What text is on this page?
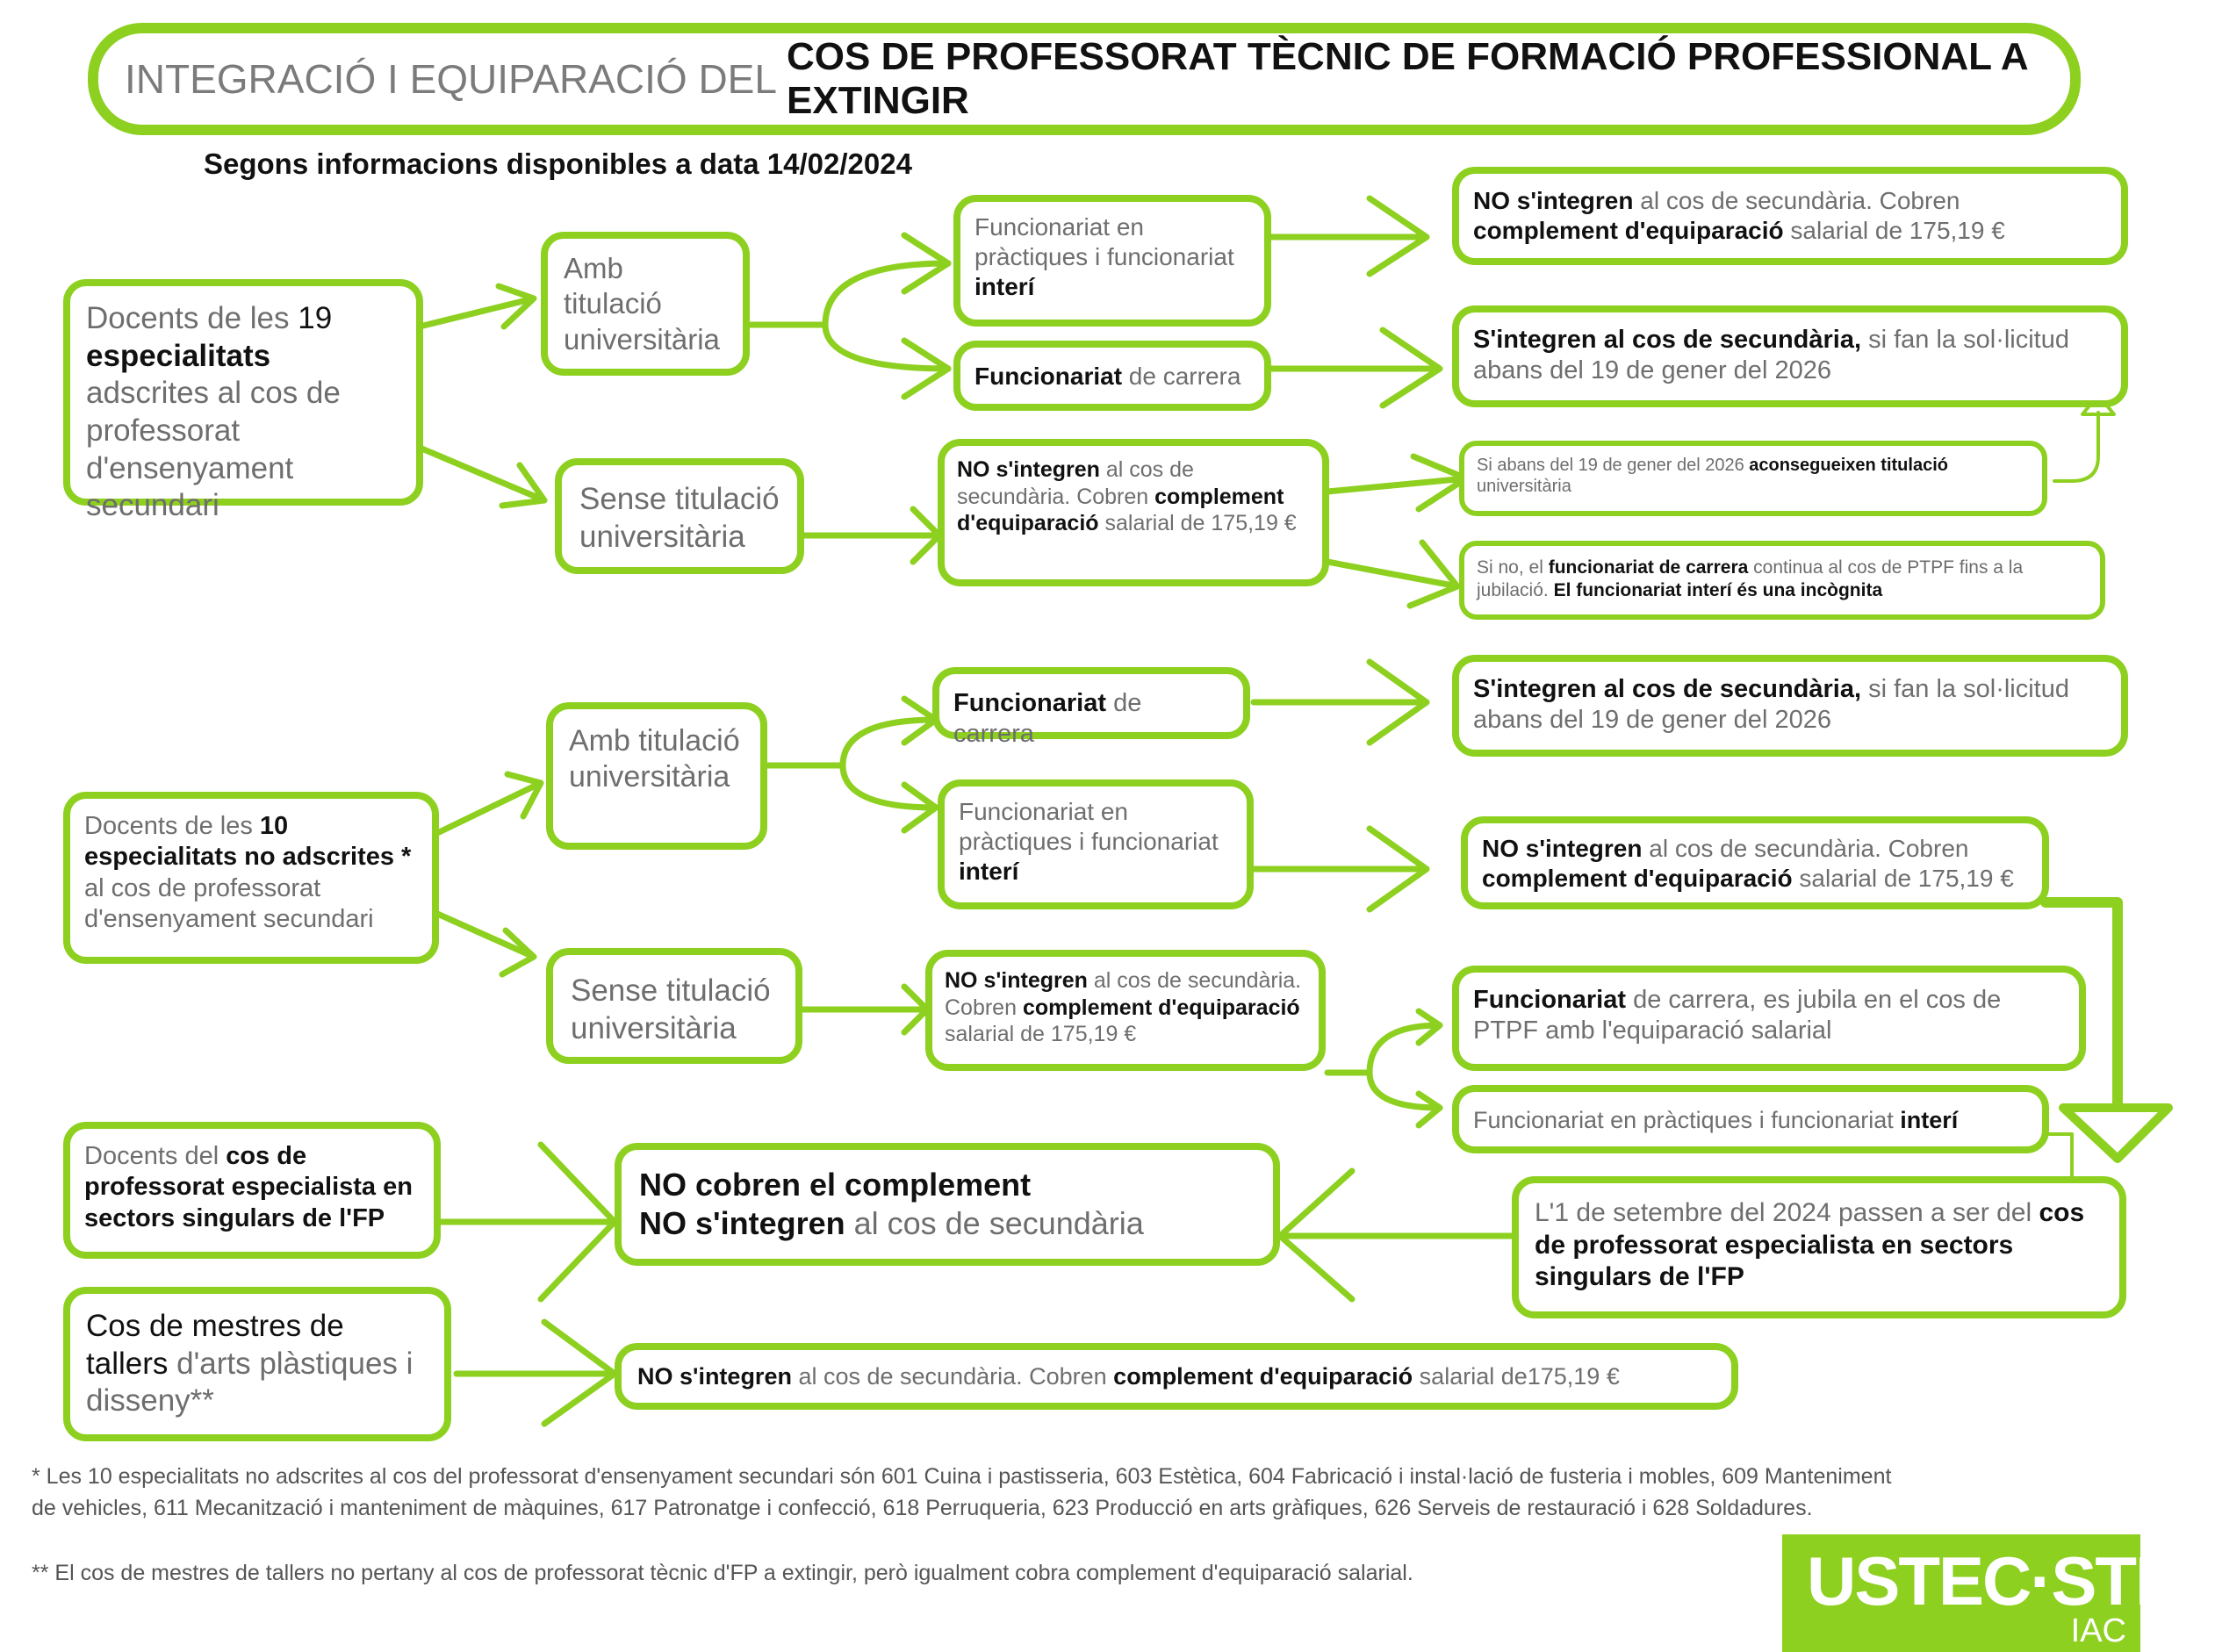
INTEGRACIÓ I EQUIPARACIÓ DEL COS DE PROFESSORAT TÈCNIC DE FORMACIÓ PROFESSIONAL A EXTINGIR
Segons informacions disponibles a data 14/02/2024
Docents de les 19 especialitats adscrites al cos de professorat d'ensenyament secundari
Amb titulació universitària
Sense titulació universitària
Funcionariat en pràctiques i funcionariat interí
Funcionariat de carrera
NO s'integren al cos de secundària. Cobren complement d'equiparació salarial de 175,19 €
S'integren al cos de secundària, si fan la sol·licitud abans del 19 de gener del 2026
NO s'integren al cos de secundària. Cobren complement d'equiparació salarial de 175,19 €
Si abans del 19 de gener del 2026 aconsegueixen titulació universitària
Si no, el funcionariat de carrera continua al cos de PTPF fins a la jubilació. El funcionariat interí és una incògnita
Docents de les 10 especialitats no adscrites * al cos de professorat d'ensenyament secundari
Amb titulació universitària
Sense titulació universitària
Funcionariat de carrera
Funcionariat en pràctiques i funcionariat interí
S'integren al cos de secundària, si fan la sol·licitud abans del 19 de gener del 2026
NO s'integren al cos de secundària. Cobren complement d'equiparació salarial de 175,19 €
NO s'integren al cos de secundària. Cobren complement d'equiparació salarial de 175,19 €
Funcionariat de carrera, es jubila en el cos de PTPF amb l'equiparació salarial
Funcionariat en pràctiques i funcionariat interí
L'1 de setembre del 2024 passen a ser del cos de professorat especialista en sectors singulars de l'FP
Docents del cos de professorat especialista en sectors singulars de l'FP
NO cobren el complement
NO s'integren al cos de secundària
Cos de mestres de tallers d'arts plàstiques i disseny**
NO s'integren al cos de secundària. Cobren complement d'equiparació salarial de175,19 €
* Les 10 especialitats no adscrites al cos del professorat d'ensenyament secundari són 601 Cuina i pastisseria, 603 Estètica, 604 Fabricació i instal·lació de fusteria i mobles, 609 Manteniment de vehicles, 611 Mecanització i manteniment de màquines, 617 Patronatge i confecció, 618 Perruqueria, 623 Producció en arts gràfiques, 626 Serveis de restauració i 628 Soldadures.
** El cos de mestres de tallers no pertany al cos de professorat tècnic d'FP a extingir, però igualment cobra complement d'equiparació salarial.	USTEC·STEs
IAC
